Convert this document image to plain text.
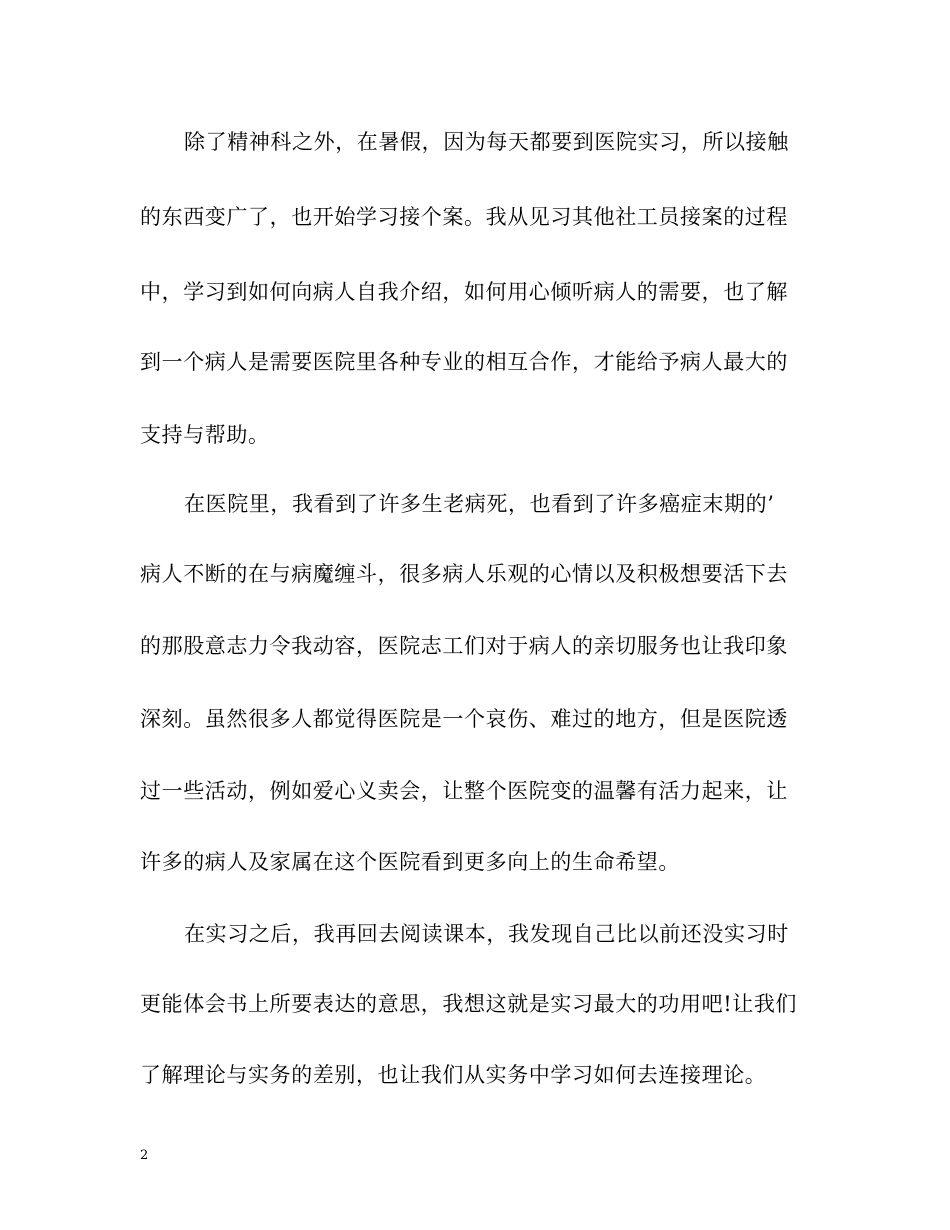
除了精神科之外，在暑假，因为每天都要到医院实习，所以接触
的东西变广了，也开始学习接个案。我从见习其他社工员接案的过程
中，学习到如何向病人自我介绍，如何用心倾听病人的需要，也了解
到一个病人是需要医院里各种专业的相互合作，才能给予病人最大的
支持与帮助。
在医院里，我看到了许多生老病死，也看到了许多癌症末期的’
病人不断的在与病魔缠斗，很多病人乐观的心情以及积极想要活下去
的那股意志力令我动容，医院志工们对于病人的亲切服务也让我印象
深刻。虽然很多人都觉得医院是一个哀伤、难过的地方，但是医院透
过一些活动，例如爱心义卖会，让整个医院变的温馨有活力起来，让
许多的病人及家属在这个医院看到更多向上的生命希望。
在实习之后，我再回去阅读课本，我发现自己比以前还没实习时
更能体会书上所要表达的意思，我想这就是实习最大的功用吧!让我们
了解理论与实务的差别，也让我们从实务中学习如何去连接理论。
2
